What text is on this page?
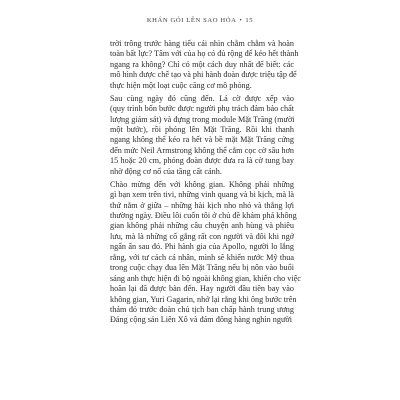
KHÁN GÓI LÊN SAO HỎA • 15
trời trông trước hàng tiếu cái nhìn chằm chằm và hoàn
toàn bất lực? Tâm với của họ có đủ rộng để kéo hết thành
ngang ra không? Chỉ có một cách duy nhất để biết: các
mô hình được chế tạo và phi hành đoàn được triệu tập để
thực hiện một loạt cuộc căng cơ mô phỏng.
Sau cùng ngày đó cũng đến. Lá cờ được xếp vào
(quy trình bốn bước được người phụ trách đảm bảo chất
lượng giám sát) và đựng trong module Mặt Trăng (mười
một bước), rồi phóng lên Mặt Trăng. Rồi khi thanh
ngang không thể kéo ra hết và bề mặt Mặt Trăng cứng
đến mức Neil Armstrong không thể cắm cọc cờ sâu hơn
15 hoặc 20 cm, phóng đoàn được đưa ra là cờ tung bay
nhờ động cơ nổ của tầng cất cánh.
Chào mừng đến với không gian. Không phải những
gì bạn xem trên tivi, những vinh quang và bi kịch, mà là
thứ nằm ở giữa – những hài kịch nho nhỏ và thắng lợi
thường ngày. Điều lôi cuốn tôi ở chủ đề khám phá không
gian không phải những câu chuyện anh hùng và phiêu
lưu, mà là những cố gắng rất con người và đôi khi ngớ
ngẩn ẩn sau đó. Phi hành gia của Apollo, người lo lắng
rằng, với tư cách cá nhân, mình sẽ khiến nước Mỹ thua
trong cuộc chạy đua lên Mặt Trăng nếu bị nôn vào buổi
sáng anh thực hiện đi bộ ngoài không gian, khiến cho việc
hoãn lại đã được bàn đến. Hay người đầu tiên bay vào
không gian, Yuri Gagarin, nhớ lại rằng khi ông bước trên
thảm đỏ trước đoàn chủ tịch ban chấp hành trung ương
Đảng cộng sản Liên Xô và đám đông hàng nghìn người
